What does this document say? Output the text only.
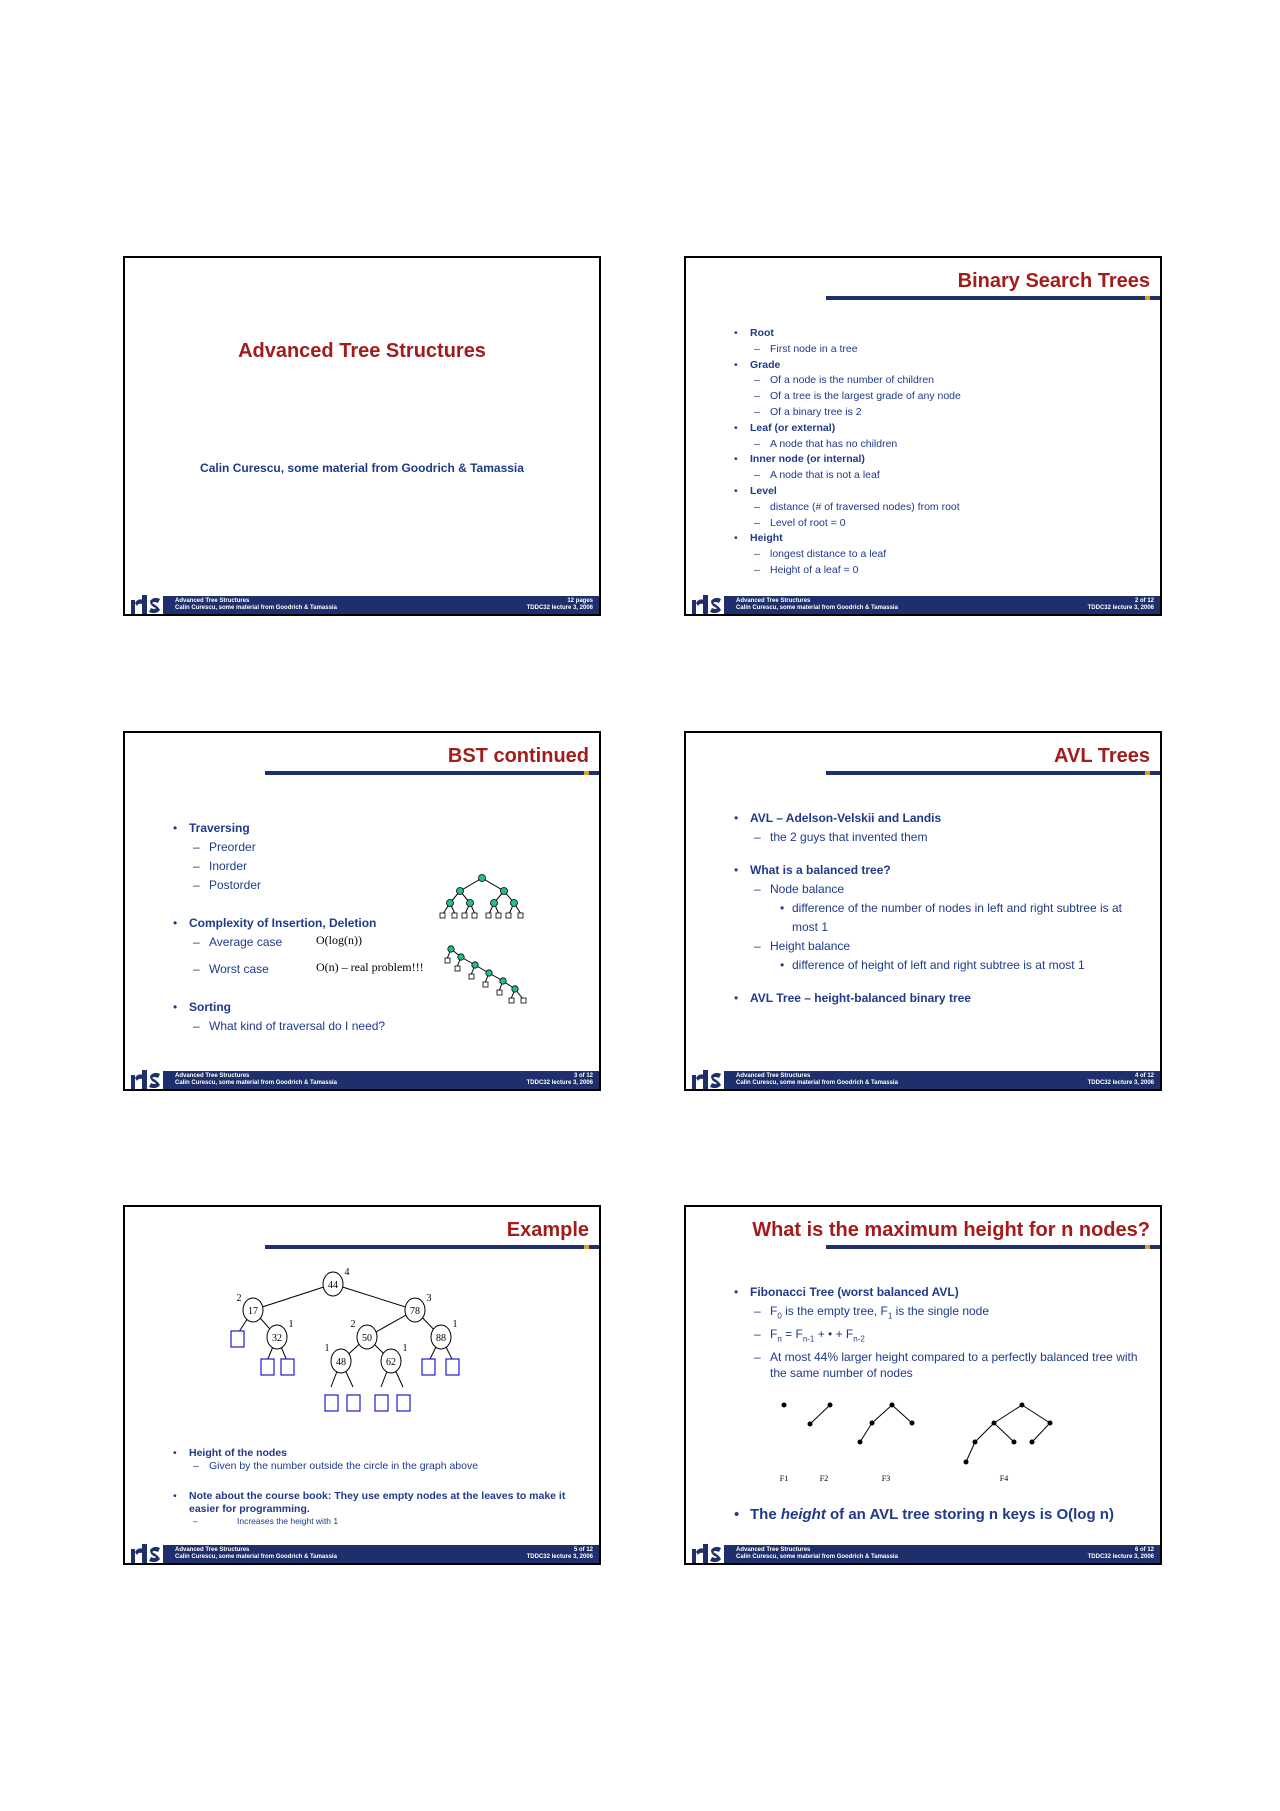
Advanced Tree Structures
Calin Curescu, some material from Goodrich & Tamassia
Advanced Tree Structures
Calin Curescu, some material from Goodrich & Tamassia
12 pages
TDDC32 lecture 3, 2006
Binary Search Trees
• Root
– First node in a tree
• Grade
– Of a node is the number of children
– Of a tree is the largest grade of any node
– Of a binary tree is 2
• Leaf (or external)
– A node that has no children
• Inner node (or internal)
– A node that is not a leaf
• Level
– distance (# of traversed nodes) from root
– Level of root = 0
• Height
– longest distance to a leaf
– Height of a leaf = 0
Advanced Tree Structures
Calin Curescu, some material from Goodrich & Tamassia
2 of 12
TDDC32 lecture 3, 2006
BST continued
• Traversing
– Preorder
– Inorder
– Postorder
• Complexity of Insertion, Deletion
– Average case
– Worst case
• Sorting
– What kind of traversal do I need?
O(log(n))
O(n) – real problem!!!
Advanced Tree Structures
Calin Curescu, some material from Goodrich & Tamassia
3 of 12
TDDC32 lecture 3, 2006
AVL Trees
• AVL – Adelson-Velskii and Landis
– the 2 guys that invented them
• What is a balanced tree?
– Node balance
• difference of the number of nodes in left and right subtree is at most 1
– Height balance
• difference of height of left and right subtree is at most 1
• AVL Tree – height-balanced binary tree
Advanced Tree Structures
Calin Curescu, some material from Goodrich & Tamassia
4 of 12
TDDC32 lecture 3, 2006
Example
44
17	78
32	50	88
48	62
4
2	3
1	2	1
1	1
• Height of the nodes
– Given by the number outside the circle in the graph above
• Note about the course book: They use empty nodes at the leaves to make it easier for programming.
– Increases the height with 1
Advanced Tree Structures
Calin Curescu, some material from Goodrich & Tamassia
5 of 12
TDDC32 lecture 3, 2006
What is the maximum height for n nodes?
• Fibonacci Tree (worst balanced AVL)
– $F_0$ is the empty tree, $F_1$ is the single node
– $F_n = F_{n-1}$ + • + $F_{n-2}$
– At most 44% larger height compared to a perfectly balanced tree with the same number of nodes
F1	F2	F3	F4
• The height of an AVL tree storing n keys is O(log n)
Advanced Tree Structures
Calin Curescu, some material from Goodrich & Tamassia
6 of 12
TDDC32 lecture 3, 2006
